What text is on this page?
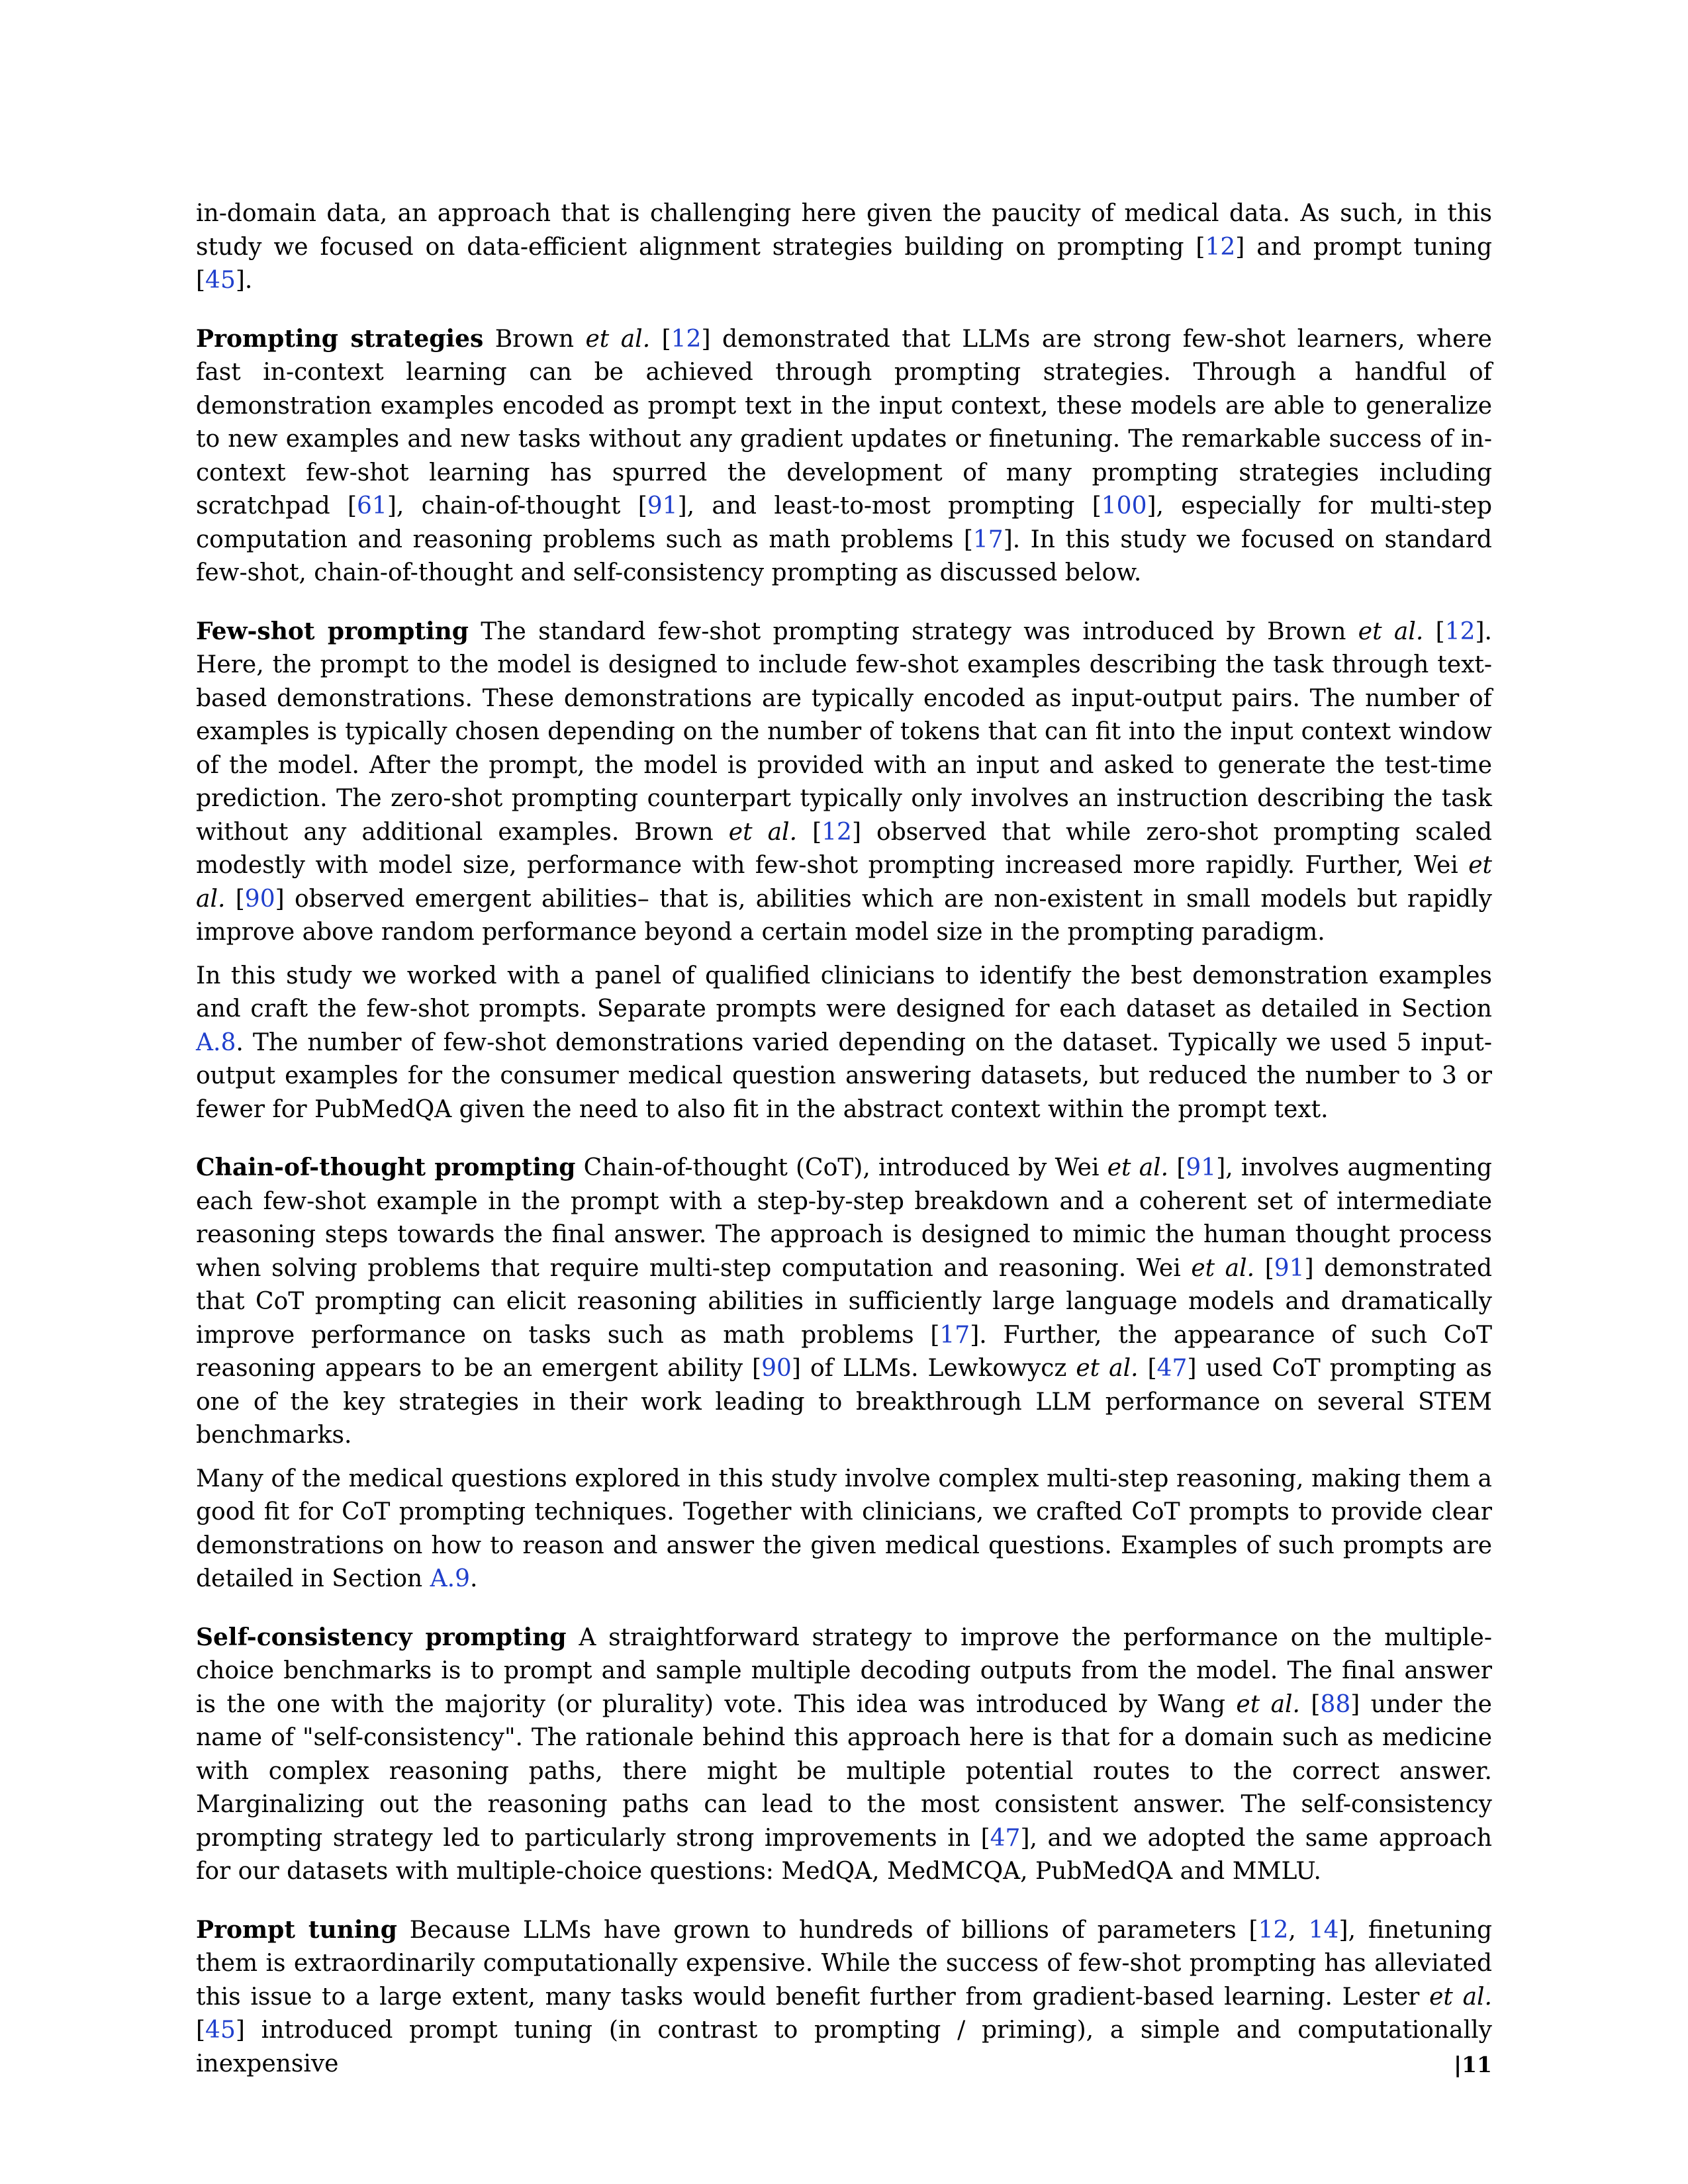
in-domain data, an approach that is challenging here given the paucity of medical data. As such, in this study we focused on data-efficient alignment strategies building on prompting [12] and prompt tuning [45].

Prompting strategies Brown et al. [12] demonstrated that LLMs are strong few-shot learners, where fast in-context learning can be achieved through prompting strategies. Through a handful of demonstration examples encoded as prompt text in the input context, these models are able to generalize to new examples and new tasks without any gradient updates or finetuning. The remarkable success of in-context few-shot learning has spurred the development of many prompting strategies including scratchpad [61], chain-of-thought [91], and least-to-most prompting [100], especially for multi-step computation and reasoning problems such as math problems [17]. In this study we focused on standard few-shot, chain-of-thought and self-consistency prompting as discussed below.

Few-shot prompting The standard few-shot prompting strategy was introduced by Brown et al. [12]. Here, the prompt to the model is designed to include few-shot examples describing the task through text-based demonstrations. These demonstrations are typically encoded as input-output pairs. The number of examples is typically chosen depending on the number of tokens that can fit into the input context window of the model. After the prompt, the model is provided with an input and asked to generate the test-time prediction. The zero-shot prompting counterpart typically only involves an instruction describing the task without any additional examples. Brown et al. [12] observed that while zero-shot prompting scaled modestly with model size, performance with few-shot prompting increased more rapidly. Further, Wei et al. [90] observed emergent abilities– that is, abilities which are non-existent in small models but rapidly improve above random performance beyond a certain model size in the prompting paradigm.

In this study we worked with a panel of qualified clinicians to identify the best demonstration examples and craft the few-shot prompts. Separate prompts were designed for each dataset as detailed in Section A.8. The number of few-shot demonstrations varied depending on the dataset. Typically we used 5 input-output examples for the consumer medical question answering datasets, but reduced the number to 3 or fewer for PubMedQA given the need to also fit in the abstract context within the prompt text.

Chain-of-thought prompting Chain-of-thought (CoT), introduced by Wei et al. [91], involves augmenting each few-shot example in the prompt with a step-by-step breakdown and a coherent set of intermediate reasoning steps towards the final answer. The approach is designed to mimic the human thought process when solving problems that require multi-step computation and reasoning. Wei et al. [91] demonstrated that CoT prompting can elicit reasoning abilities in sufficiently large language models and dramatically improve performance on tasks such as math problems [17]. Further, the appearance of such CoT reasoning appears to be an emergent ability [90] of LLMs. Lewkowycz et al. [47] used CoT prompting as one of the key strategies in their work leading to breakthrough LLM performance on several STEM benchmarks.

Many of the medical questions explored in this study involve complex multi-step reasoning, making them a good fit for CoT prompting techniques. Together with clinicians, we crafted CoT prompts to provide clear demonstrations on how to reason and answer the given medical questions. Examples of such prompts are detailed in Section A.9.

Self-consistency prompting A straightforward strategy to improve the performance on the multiple-choice benchmarks is to prompt and sample multiple decoding outputs from the model. The final answer is the one with the majority (or plurality) vote. This idea was introduced by Wang et al. [88] under the name of "self-consistency". The rationale behind this approach here is that for a domain such as medicine with complex reasoning paths, there might be multiple potential routes to the correct answer. Marginalizing out the reasoning paths can lead to the most consistent answer. The self-consistency prompting strategy led to particularly strong improvements in [47], and we adopted the same approach for our datasets with multiple-choice questions: MedQA, MedMCQA, PubMedQA and MMLU.

Prompt tuning Because LLMs have grown to hundreds of billions of parameters [12, 14], finetuning them is extraordinarily computationally expensive. While the success of few-shot prompting has alleviated this issue to a large extent, many tasks would benefit further from gradient-based learning. Lester et al. [45] introduced prompt tuning (in contrast to prompting / priming), a simple and computationally inexpensive	|11
